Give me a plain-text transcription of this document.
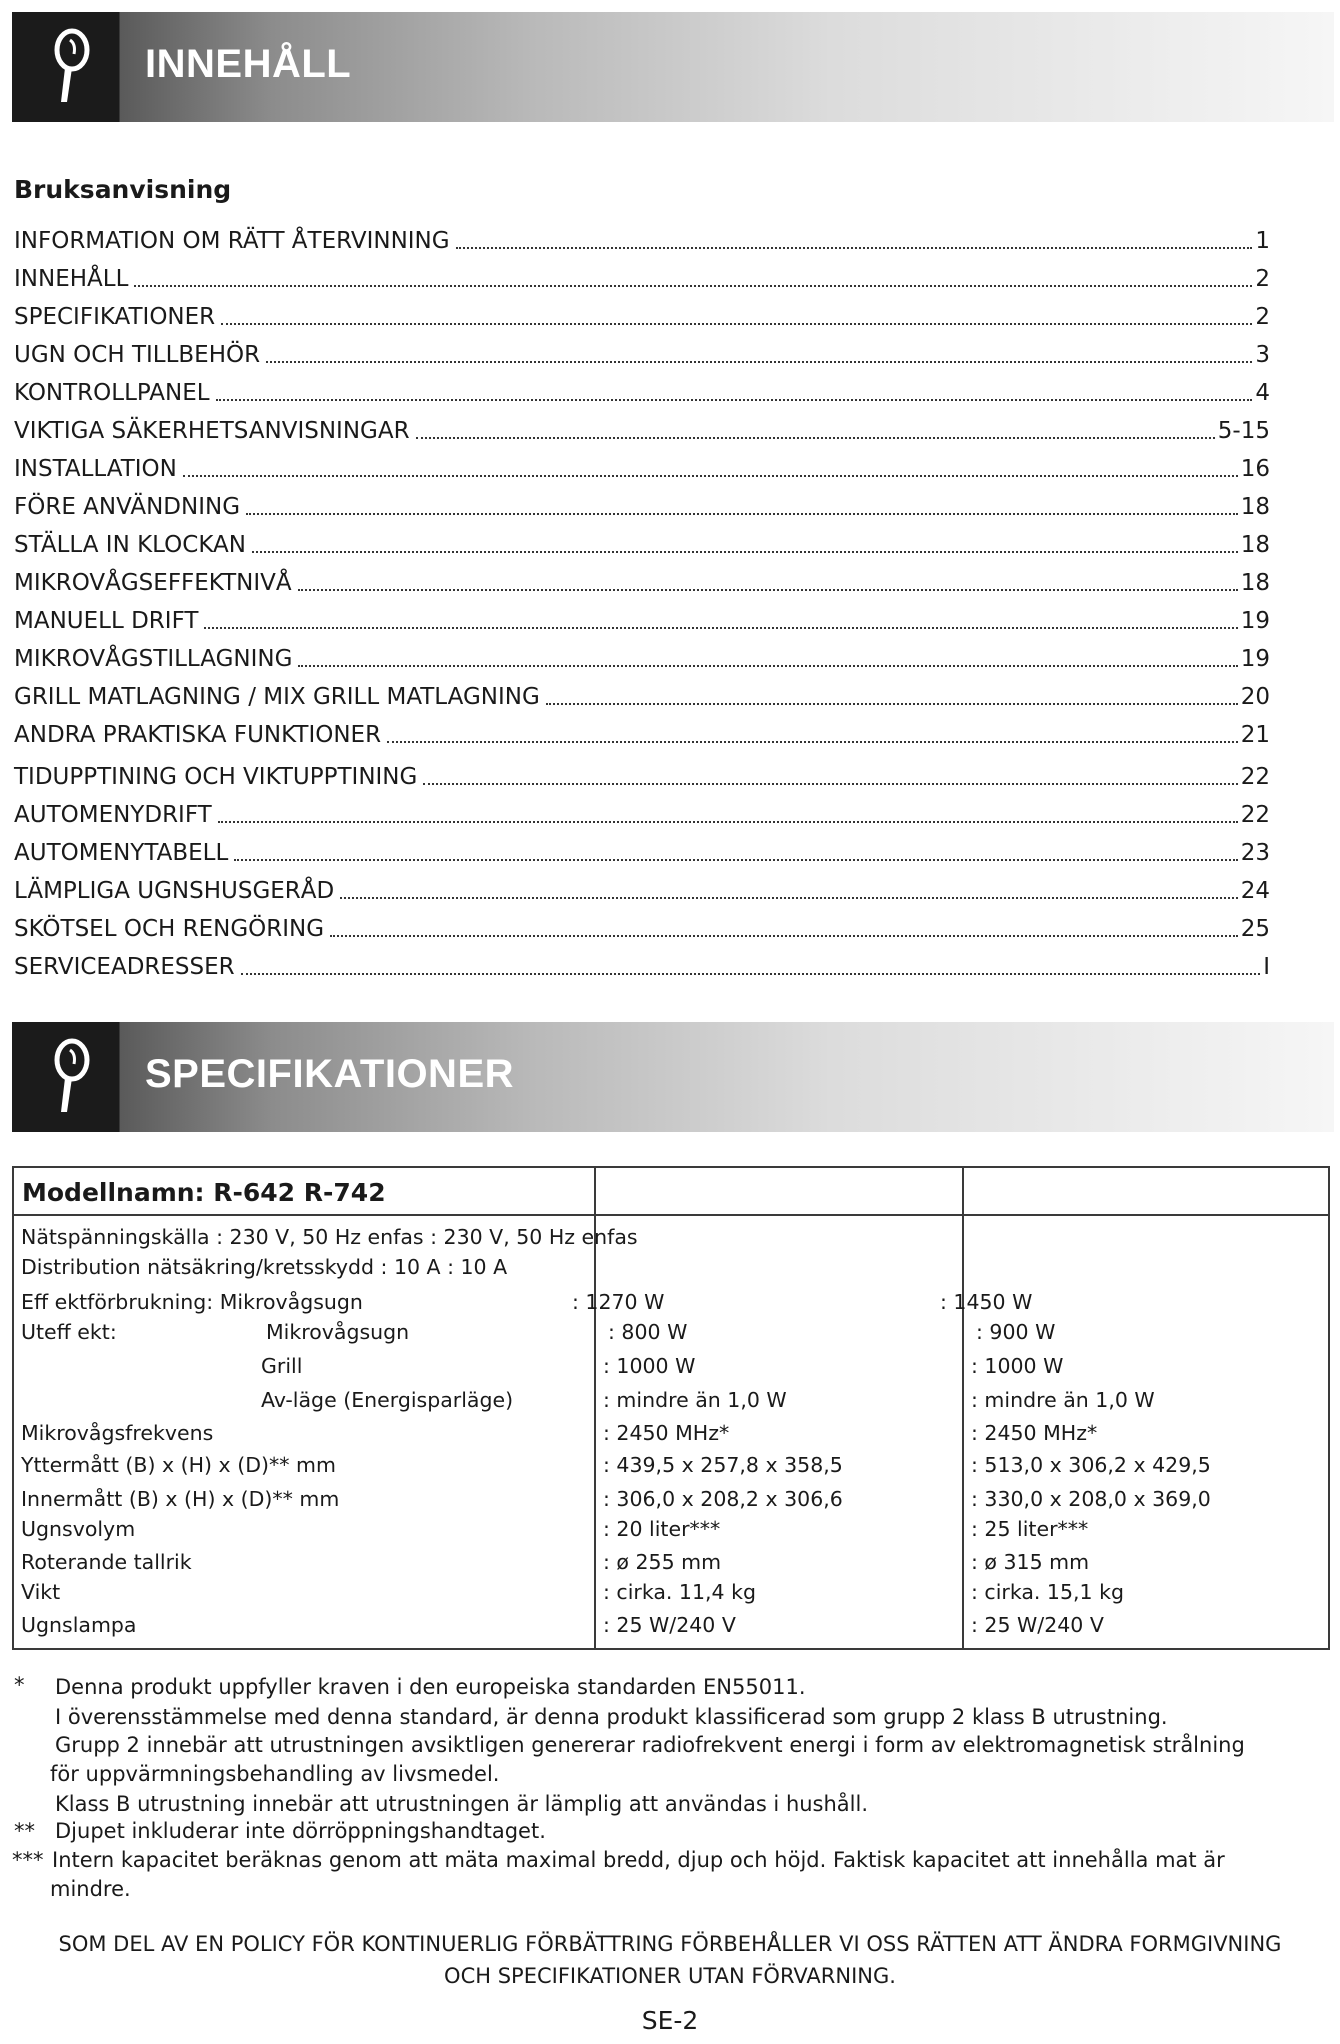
INNEHÅLL
Bruksanvisning
INFORMATION OM RÄTT ÅTERVINNING	1
INNEHÅLL	2
SPECIFIKATIONER	2
UGN OCH TILLBEHÖR	3
KONTROLLPANEL	4
VIKTIGA SÄKERHETSANVISNINGAR	5-15
INSTALLATION	16
FÖRE ANVÄNDNING	18
STÄLLA IN KLOCKAN	18
MIKROVÅGSEFFEKTNIVÅ	18
MANUELL DRIFT	19
MIKROVÅGSTILLAGNING	19
GRILL MATLAGNING / MIX GRILL MATLAGNING	20
ANDRA PRAKTISKA FUNKTIONER	21
TIDUPPTINING OCH VIKTUPPTINING	22
AUTOMENYDRIFT	22
AUTOMENYTABELL	23
LÄMPLIGA UGNSHUSGERÅD	24
SKÖTSEL OCH RENGÖRING	25
SERVICEADRESSER	I
SPECIFIKATIONER
Modellnamn: R-642 R-742
Nätspänningskälla : 230 V, 50 Hz enfas : 230 V, 50 Hz enfas
Distribution nätsäkring/kretsskydd : 10 A : 10 A
Eff ektförbrukning: Mikrovågsugn	: 1270 W	: 1450 W
Uteff ekt:	Mikrovågsugn	: 800 W	: 900 W
Grill	: 1000 W	: 1000 W
Av-läge (Energisparläge)	: mindre än 1,0 W	: mindre än 1,0 W
Mikrovågsfrekvens	: 2450 MHz*	: 2450 MHz*
Yttermått (B) x (H) x (D)** mm	: 439,5 x 257,8 x 358,5	: 513,0 x 306,2 x 429,5
Innermått (B) x (H) x (D)** mm	: 306,0 x 208,2 x 306,6	: 330,0 x 208,0 x 369,0
Ugnsvolym	: 20 liter***	: 25 liter***
Roterande tallrik	: ø 255 mm	: ø 315 mm
Vikt	: cirka. 11,4 kg	: cirka. 15,1 kg
Ugnslampa	: 25 W/240 V	: 25 W/240 V
* Denna produkt uppfyller kraven i den europeiska standarden EN55011.
I överensstämmelse med denna standard, är denna produkt klassificerad som grupp 2 klass B utrustning.
Grupp 2 innebär att utrustningen avsiktligen genererar radiofrekvent energi i form av elektromagnetisk strålning
för uppvärmningsbehandling av livsmedel.
Klass B utrustning innebär att utrustningen är lämplig att användas i hushåll.
** Djupet inkluderar inte dörröppningshandtaget.
*** Intern kapacitet beräknas genom att mäta maximal bredd, djup och höjd. Faktisk kapacitet att innehålla mat är
mindre.
SOM DEL AV EN POLICY FÖR KONTINUERLIG FÖRBÄTTRING FÖRBEHÅLLER VI OSS RÄTTEN ATT ÄNDRA FORMGIVNING
OCH SPECIFIKATIONER UTAN FÖRVARNING.
SE-2
